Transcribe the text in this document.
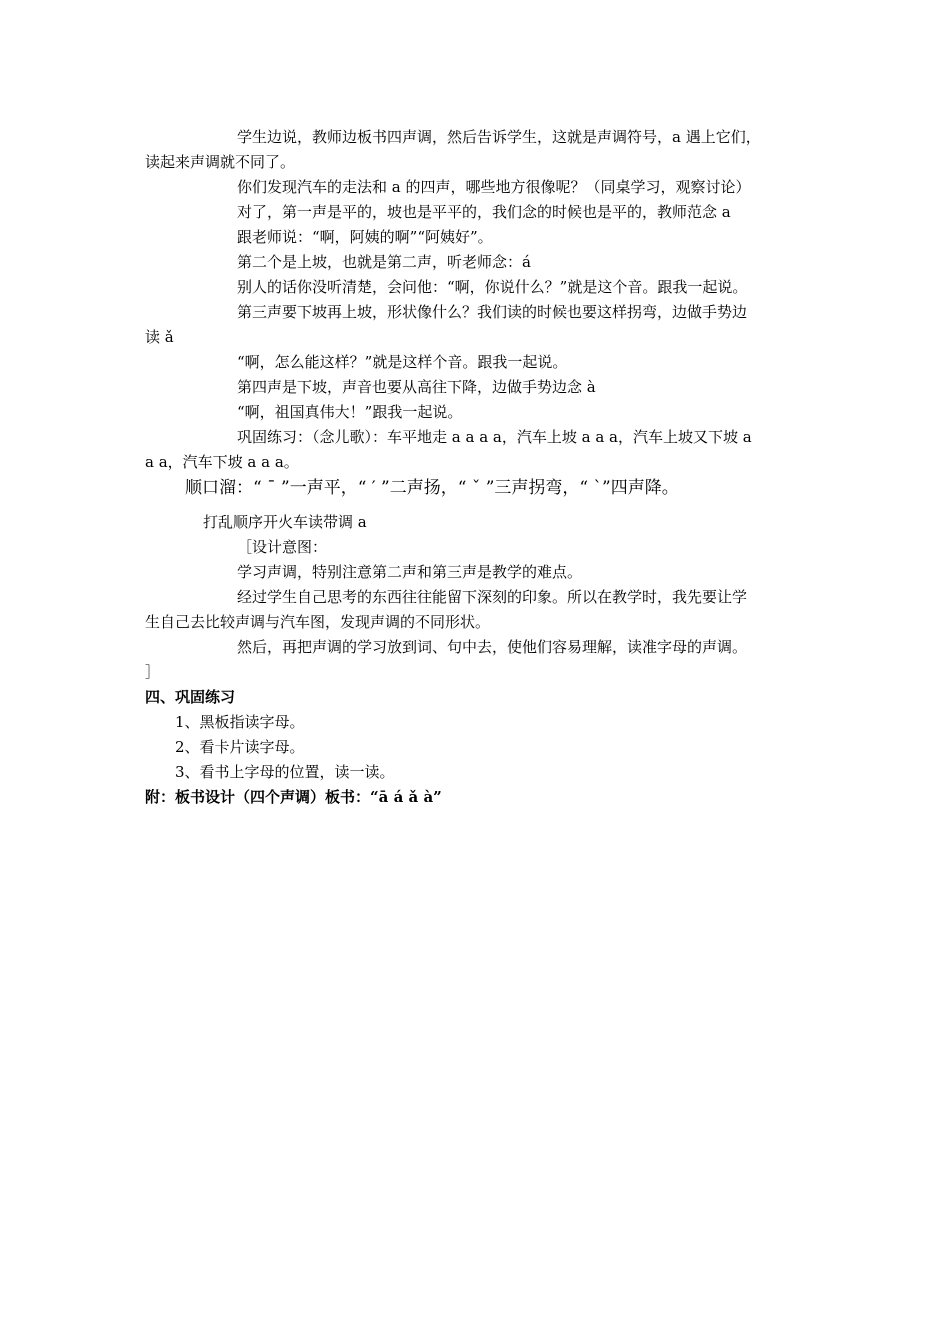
学生边说，教师边板书四声调，然后告诉学生，这就是声调符号，a 遇上它们，
读起来声调就不同了。
你们发现汽车的走法和 a 的四声，哪些地方很像呢？（同桌学习，观察讨论）
对了，第一声是平的，坡也是平平的，我们念的时候也是平的，教师范念 a
跟老师说：“啊，阿姨的啊”“阿姨好”。
第二个是上坡，也就是第二声，听老师念：á
别人的话你没听清楚，会问他：“啊，你说什么？”就是这个音。跟我一起说。
第三声要下坡再上坡，形状像什么？我们读的时候也要这样拐弯，边做手势边
读 ǎ
“啊，怎么能这样？”就是这样个音。跟我一起说。
第四声是下坡，声音也要从高往下降，边做手势边念 à
“啊，祖国真伟大！”跟我一起说。
巩固练习：（念儿歌）：车平地走 a a a a，汽车上坡 a a a，汽车上坡又下坡 a
a a，汽车下坡 a a a。
顺口溜：“ ˉ ”一声平，“ ′ ”二声扬，“ ˇ ”三声拐弯，“ ˋ”四声降。
打乱顺序开火车读带调 a
［设计意图：
学习声调，特别注意第二声和第三声是教学的难点。
经过学生自己思考的东西往往能留下深刻的印象。所以在教学时，我先要让学
生自己去比较声调与汽车图，发现声调的不同形状。
然后，再把声调的学习放到词、句中去，使他们容易理解，读准字母的声调。
］
四、巩固练习
1、黑板指读字母。
2、看卡片读字母。
3、看书上字母的位置，读一读。
附：板书设计（四个声调）板书：“ā á ǎ à”
